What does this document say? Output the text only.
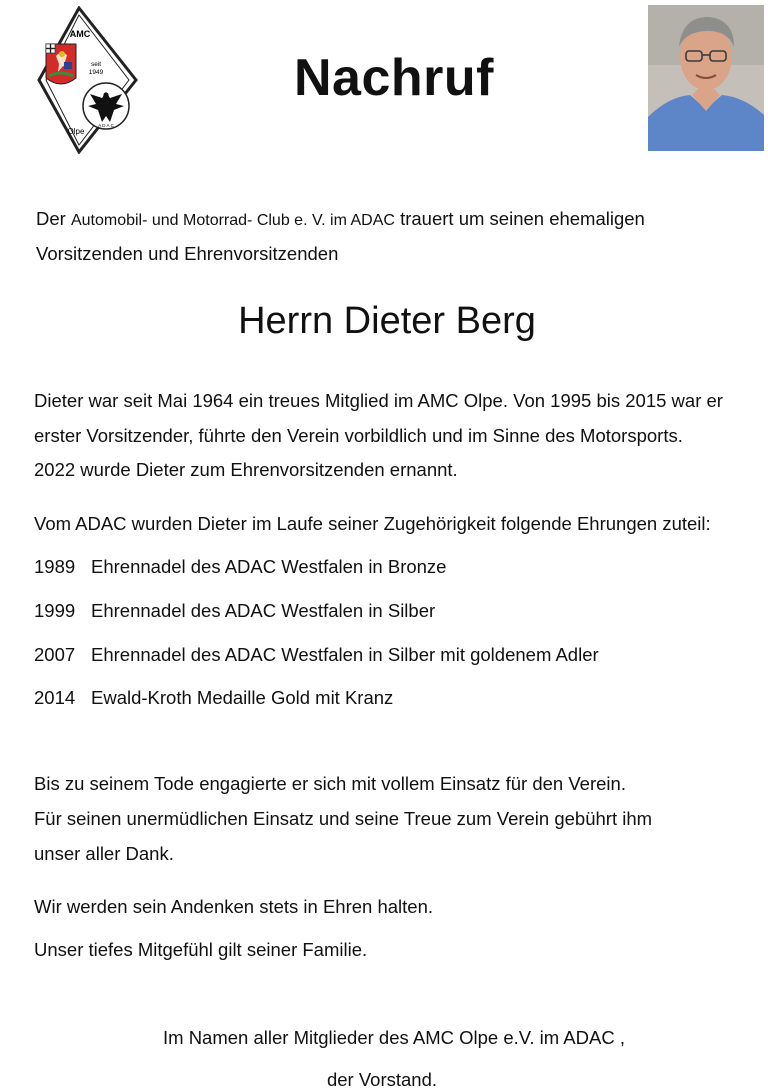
AMC
seit
1949
A D A C
Olpe
Nachruf
Der Automobil- und Motorrad- Club e. V. im ADAC trauert um seinen ehemaligen
Vorsitzenden und Ehrenvorsitzenden
Herrn Dieter Berg
Dieter war seit Mai 1964 ein treues Mitglied im AMC Olpe. Von 1995 bis 2015 war er
erster Vorsitzender, führte den Verein vorbildlich und im Sinne des Motorsports.
2022 wurde Dieter zum Ehrenvorsitzenden ernannt.
Vom ADAC wurden Dieter im Laufe seiner Zugehörigkeit folgende Ehrungen zuteil:
1989 Ehrennadel des ADAC Westfalen in Bronze
1999 Ehrennadel des ADAC Westfalen in Silber
2007 Ehrennadel des ADAC Westfalen in Silber mit goldenem Adler
2014 Ewald-Kroth Medaille Gold mit Kranz
Bis zu seinem Tode engagierte er sich mit vollem Einsatz für den Verein.
Für seinen unermüdlichen Einsatz und seine Treue zum Verein gebührt ihm
unser aller Dank.
Wir werden sein Andenken stets in Ehren halten.
Unser tiefes Mitgefühl gilt seiner Familie.
Im Namen aller Mitglieder des AMC Olpe e.V. im ADAC ,
der Vorstand.
